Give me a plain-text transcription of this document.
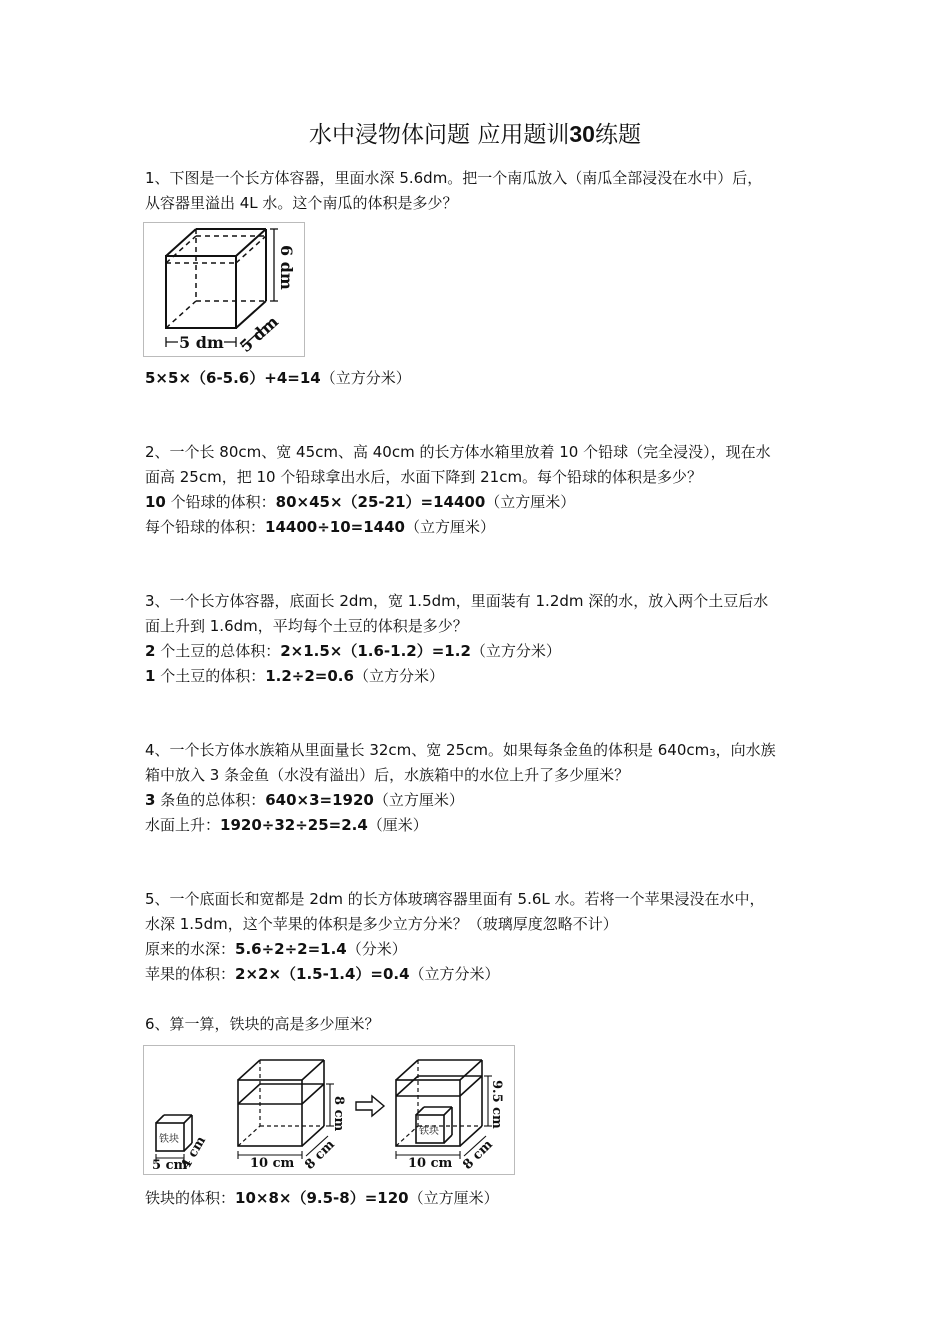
水中浸物体问题 应用题训30练题
1、下图是一个长方体容器，里面水深 5.6dm。把一个南瓜放入（南瓜全部浸没在水中）后，
从容器里溢出 4L 水。这个南瓜的体积是多少？
6 dm
5 dm 5 dm
5×5×（6-5.6）+4=14（立方分米）
2、一个长 80cm、宽 45cm、高 40cm 的长方体水箱里放着 10 个铅球（完全浸没），现在水
面高 25cm，把 10 个铅球拿出水后，水面下降到 21cm。每个铅球的体积是多少？
10 个铅球的体积：80×45×（25-21）=14400（立方厘米）
每个铅球的体积：14400÷10=1440（立方厘米）
3、一个长方体容器，底面长 2dm，宽 1.5dm，里面装有 1.2dm 深的水，放入两个土豆后水
面上升到 1.6dm，平均每个土豆的体积是多少？
2 个土豆的总体积：2×1.5×（1.6-1.2）=1.2（立方分米）
1 个土豆的体积：1.2÷2=0.6（立方分米）
4、一个长方体水族箱从里面量长 32cm、宽 25cm。如果每条金鱼的体积是 640cm3，向水族
箱中放入 3 条金鱼（水没有溢出）后，水族箱中的水位上升了多少厘米？
3 条鱼的总体积：640×3=1920（立方厘米）
水面上升：1920÷32÷25=2.4（厘米）
5、一个底面长和宽都是 2dm 的长方体玻璃容器里面有 5.6L 水。若将一个苹果浸没在水中，
水深 1.5dm，这个苹果的体积是多少立方分米？（玻璃厚度忽略不计）
原来的水深：5.6÷2÷2=1.4（分米）
苹果的体积：2×2×（1.5-1.4）=0.4（立方分米）
6、算一算，铁块的高是多少厘米？
铁块
5 cm
4 cm
8 cm
10 cm 8 cm
铁块
9.5 cm
10 cm 8 cm
铁块的体积：10×8×（9.5-8）=120（立方厘米）
